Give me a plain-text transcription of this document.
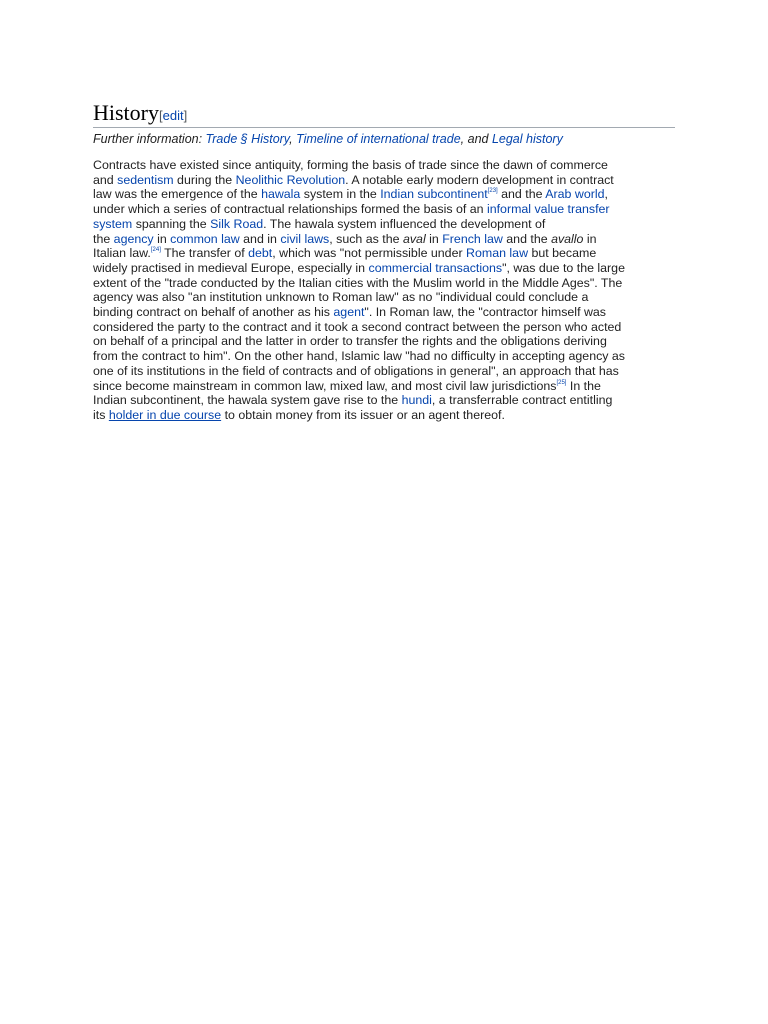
History[edit]
Further information: Trade § History, Timeline of international trade, and Legal history

Contracts have existed since antiquity, forming the basis of trade since the dawn of commerce
and sedentism during the Neolithic Revolution. A notable early modern development in contract
law was the emergence of the hawala system in the Indian subcontinent[23] and the Arab world,
under which a series of contractual relationships formed the basis of an informal value transfer
system spanning the Silk Road. The hawala system influenced the development of
the agency in common law and in civil laws, such as the aval in French law and the avallo in
Italian law.[24] The transfer of debt, which was "not permissible under Roman law but became
widely practised in medieval Europe, especially in commercial transactions", was due to the large
extent of the "trade conducted by the Italian cities with the Muslim world in the Middle Ages". The
agency was also "an institution unknown to Roman law" as no "individual could conclude a
binding contract on behalf of another as his agent". In Roman law, the "contractor himself was
considered the party to the contract and it took a second contract between the person who acted
on behalf of a principal and the latter in order to transfer the rights and the obligations deriving
from the contract to him". On the other hand, Islamic law "had no difficulty in accepting agency as
one of its institutions in the field of contracts and of obligations in general", an approach that has
since become mainstream in common law, mixed law, and most civil law jurisdictions[25] In the
Indian subcontinent, the hawala system gave rise to the hundi, a transferrable contract entitling
its holder in due course to obtain money from its issuer or an agent thereof.
